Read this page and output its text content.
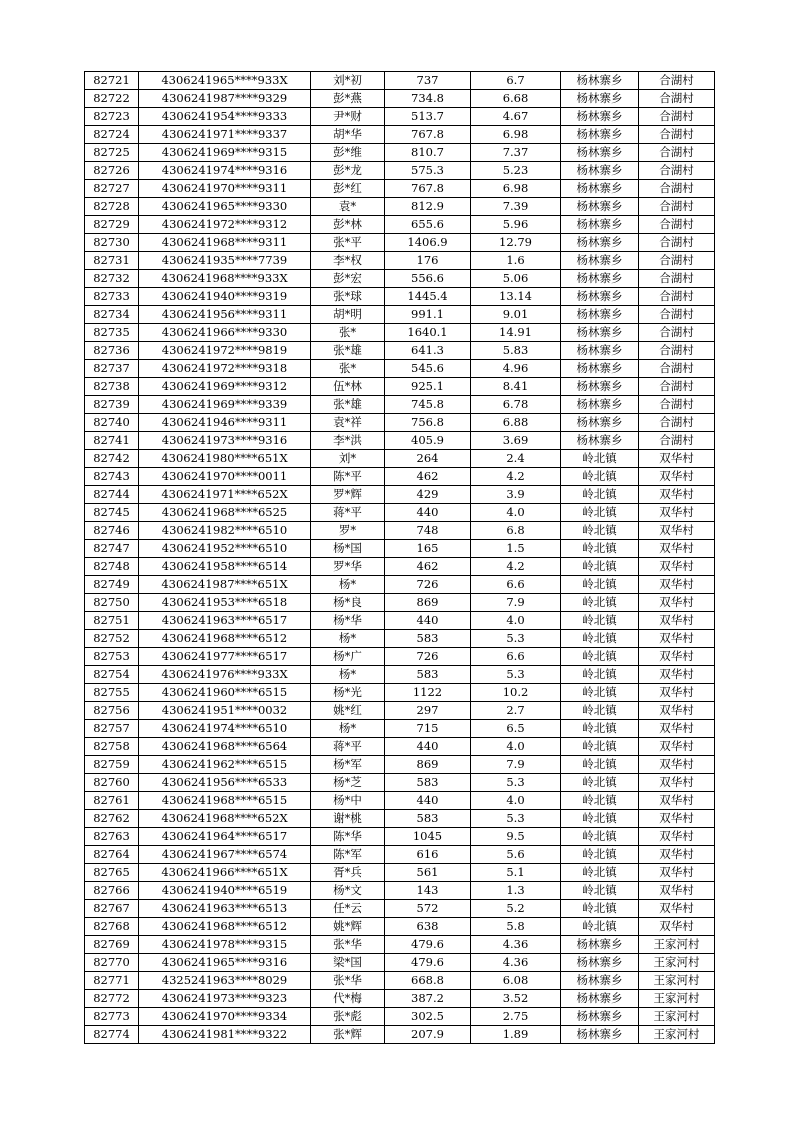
82721	4306241965****933X	刘*初	737	6.7	杨林寨乡	合湖村
82722	4306241987****9329	彭*燕	734.8	6.68	杨林寨乡	合湖村
82723	4306241954****9333	尹*财	513.7	4.67	杨林寨乡	合湖村
82724	4306241971****9337	胡*华	767.8	6.98	杨林寨乡	合湖村
82725	4306241969****9315	彭*维	810.7	7.37	杨林寨乡	合湖村
82726	4306241974****9316	彭*龙	575.3	5.23	杨林寨乡	合湖村
82727	4306241970****9311	彭*红	767.8	6.98	杨林寨乡	合湖村
82728	4306241965****9330	袁*	812.9	7.39	杨林寨乡	合湖村
82729	4306241972****9312	彭*林	655.6	5.96	杨林寨乡	合湖村
82730	4306241968****9311	张*平	1406.9	12.79	杨林寨乡	合湖村
82731	4306241935****7739	李*权	176	1.6	杨林寨乡	合湖村
82732	4306241968****933X	彭*宏	556.6	5.06	杨林寨乡	合湖村
82733	4306241940****9319	张*球	1445.4	13.14	杨林寨乡	合湖村
82734	4306241956****9311	胡*明	991.1	9.01	杨林寨乡	合湖村
82735	4306241966****9330	张*	1640.1	14.91	杨林寨乡	合湖村
82736	4306241972****9819	张*雄	641.3	5.83	杨林寨乡	合湖村
82737	4306241972****9318	张*	545.6	4.96	杨林寨乡	合湖村
82738	4306241969****9312	伍*林	925.1	8.41	杨林寨乡	合湖村
82739	4306241969****9339	张*雄	745.8	6.78	杨林寨乡	合湖村
82740	4306241946****9311	袁*祥	756.8	6.88	杨林寨乡	合湖村
82741	4306241973****9316	李*洪	405.9	3.69	杨林寨乡	合湖村
82742	4306241980****651X	刘*	264	2.4	岭北镇	双华村
82743	4306241970****0011	陈*平	462	4.2	岭北镇	双华村
82744	4306241971****652X	罗*辉	429	3.9	岭北镇	双华村
82745	4306241968****6525	蒋*平	440	4.0	岭北镇	双华村
82746	4306241982****6510	罗*	748	6.8	岭北镇	双华村
82747	4306241952****6510	杨*国	165	1.5	岭北镇	双华村
82748	4306241958****6514	罗*华	462	4.2	岭北镇	双华村
82749	4306241987****651X	杨*	726	6.6	岭北镇	双华村
82750	4306241953****6518	杨*良	869	7.9	岭北镇	双华村
82751	4306241963****6517	杨*华	440	4.0	岭北镇	双华村
82752	4306241968****6512	杨*	583	5.3	岭北镇	双华村
82753	4306241977****6517	杨*广	726	6.6	岭北镇	双华村
82754	4306241976****933X	杨*	583	5.3	岭北镇	双华村
82755	4306241960****6515	杨*光	1122	10.2	岭北镇	双华村
82756	4306241951****0032	姚*红	297	2.7	岭北镇	双华村
82757	4306241974****6510	杨*	715	6.5	岭北镇	双华村
82758	4306241968****6564	蒋*平	440	4.0	岭北镇	双华村
82759	4306241962****6515	杨*军	869	7.9	岭北镇	双华村
82760	4306241956****6533	杨*芝	583	5.3	岭北镇	双华村
82761	4306241968****6515	杨*中	440	4.0	岭北镇	双华村
82762	4306241968****652X	谢*桃	583	5.3	岭北镇	双华村
82763	4306241964****6517	陈*华	1045	9.5	岭北镇	双华村
82764	4306241967****6574	陈*军	616	5.6	岭北镇	双华村
82765	4306241966****651X	胥*兵	561	5.1	岭北镇	双华村
82766	4306241940****6519	杨*文	143	1.3	岭北镇	双华村
82767	4306241963****6513	任*云	572	5.2	岭北镇	双华村
82768	4306241968****6512	姚*辉	638	5.8	岭北镇	双华村
82769	4306241978****9315	张*华	479.6	4.36	杨林寨乡	王家河村
82770	4306241965****9316	梁*国	479.6	4.36	杨林寨乡	王家河村
82771	4325241963****8029	张*华	668.8	6.08	杨林寨乡	王家河村
82772	4306241973****9323	代*梅	387.2	3.52	杨林寨乡	王家河村
82773	4306241970****9334	张*彪	302.5	2.75	杨林寨乡	王家河村
82774	4306241981****9322	张*辉	207.9	1.89	杨林寨乡	王家河村
